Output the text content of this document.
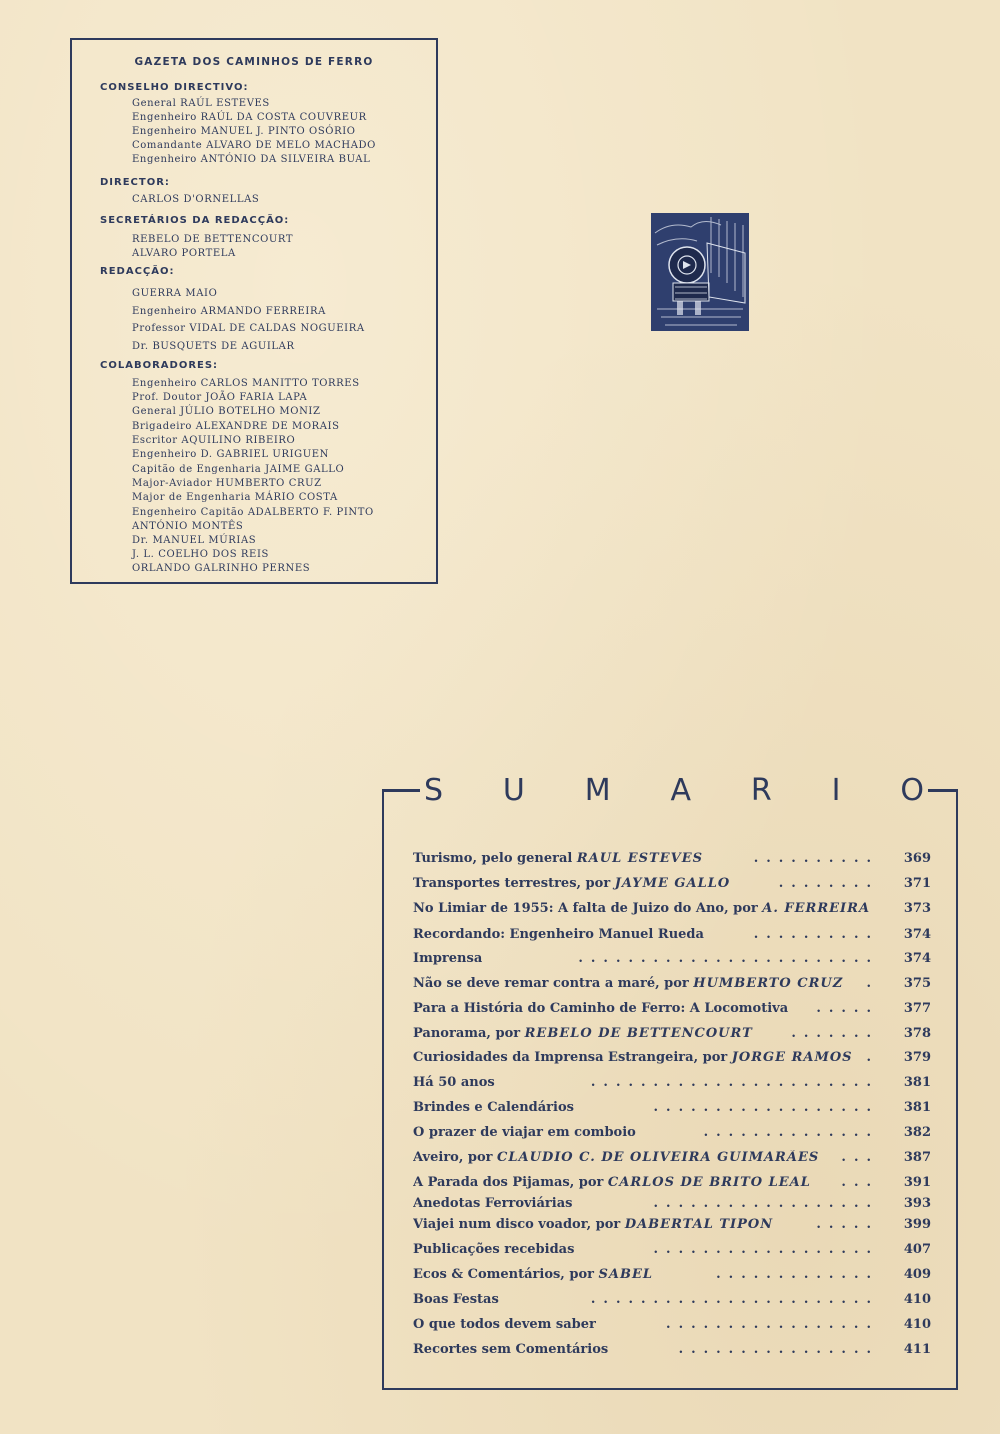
GAZETA DOS CAMINHOS DE FERRO
CONSELHO DIRECTIVO:
General RAÚL ESTEVES
Engenheiro RAÚL DA COSTA COUVREUR
Engenheiro MANUEL J. PINTO OSÓRIO
Comandante ALVARO DE MELO MACHADO
Engenheiro ANTÓNIO DA SILVEIRA BUAL
DIRECTOR:
CARLOS D'ORNELLAS
SECRETÁRIOS DA REDACÇÃO:
REBELO DE BETTENCOURT
ALVARO PORTELA
REDACÇÃO:
GUERRA MAIO
Engenheiro ARMANDO FERREIRA
Professor VIDAL DE CALDAS NOGUEIRA
Dr. BUSQUETS DE AGUILAR
COLABORADORES:
Engenheiro CARLOS MANITTO TORRES
Prof. Doutor JOÃO FARIA LAPA
General JÚLIO BOTELHO MONIZ
Brigadeiro ALEXANDRE DE MORAIS
Escritor AQUILINO RIBEIRO
Engenheiro D. GABRIEL URIGUEN
Capitão de Engenharia JAIME GALLO
Major-Aviador HUMBERTO CRUZ
Major de Engenharia MÁRIO COSTA
Engenheiro Capitão ADALBERTO F. PINTO
ANTÓNIO MONTÊS
Dr. MANUEL MÚRIAS
J. L. COELHO DOS REIS
ORLANDO GALRINHO PERNES
S U M A R I O
Turismo, pelo general RAUL ESTEVES	369
..........
Transportes terrestres, por JAYME GALLO	371
........
No Limiar de 1955: A falta de Juizo do Ano, por A. FERREIRA	373
Recordando: Engenheiro Manuel Rueda	374
..........
Imprensa	374
........................
Não se deve remar contra a maré, por HUMBERTO CRUZ	375
.
Para a História do Caminho de Ferro: A Locomotiva	377
.....
Panorama, por REBELO DE BETTENCOURT	378
.......
Curiosidades da Imprensa Estrangeira, por JORGE RAMOS	379
.
Há 50 anos	381
.......................
Brindes e Calendários	381
..................
O prazer de viajar em comboio	382
..............
Aveiro, por CLAUDIO C. DE OLIVEIRA GUIMARÃES	387
...
A Parada dos Pijamas, por CARLOS DE BRITO LEAL	391
...
Anedotas Ferroviárias	393
..................
Viajei num disco voador, por DABERTAL TIPON	399
.....
Publicações recebidas	407
..................
Ecos & Comentários, por SABEL	409
.............
Boas Festas	410
.......................
O que todos devem saber	410
.................
Recortes sem Comentários	411
................
